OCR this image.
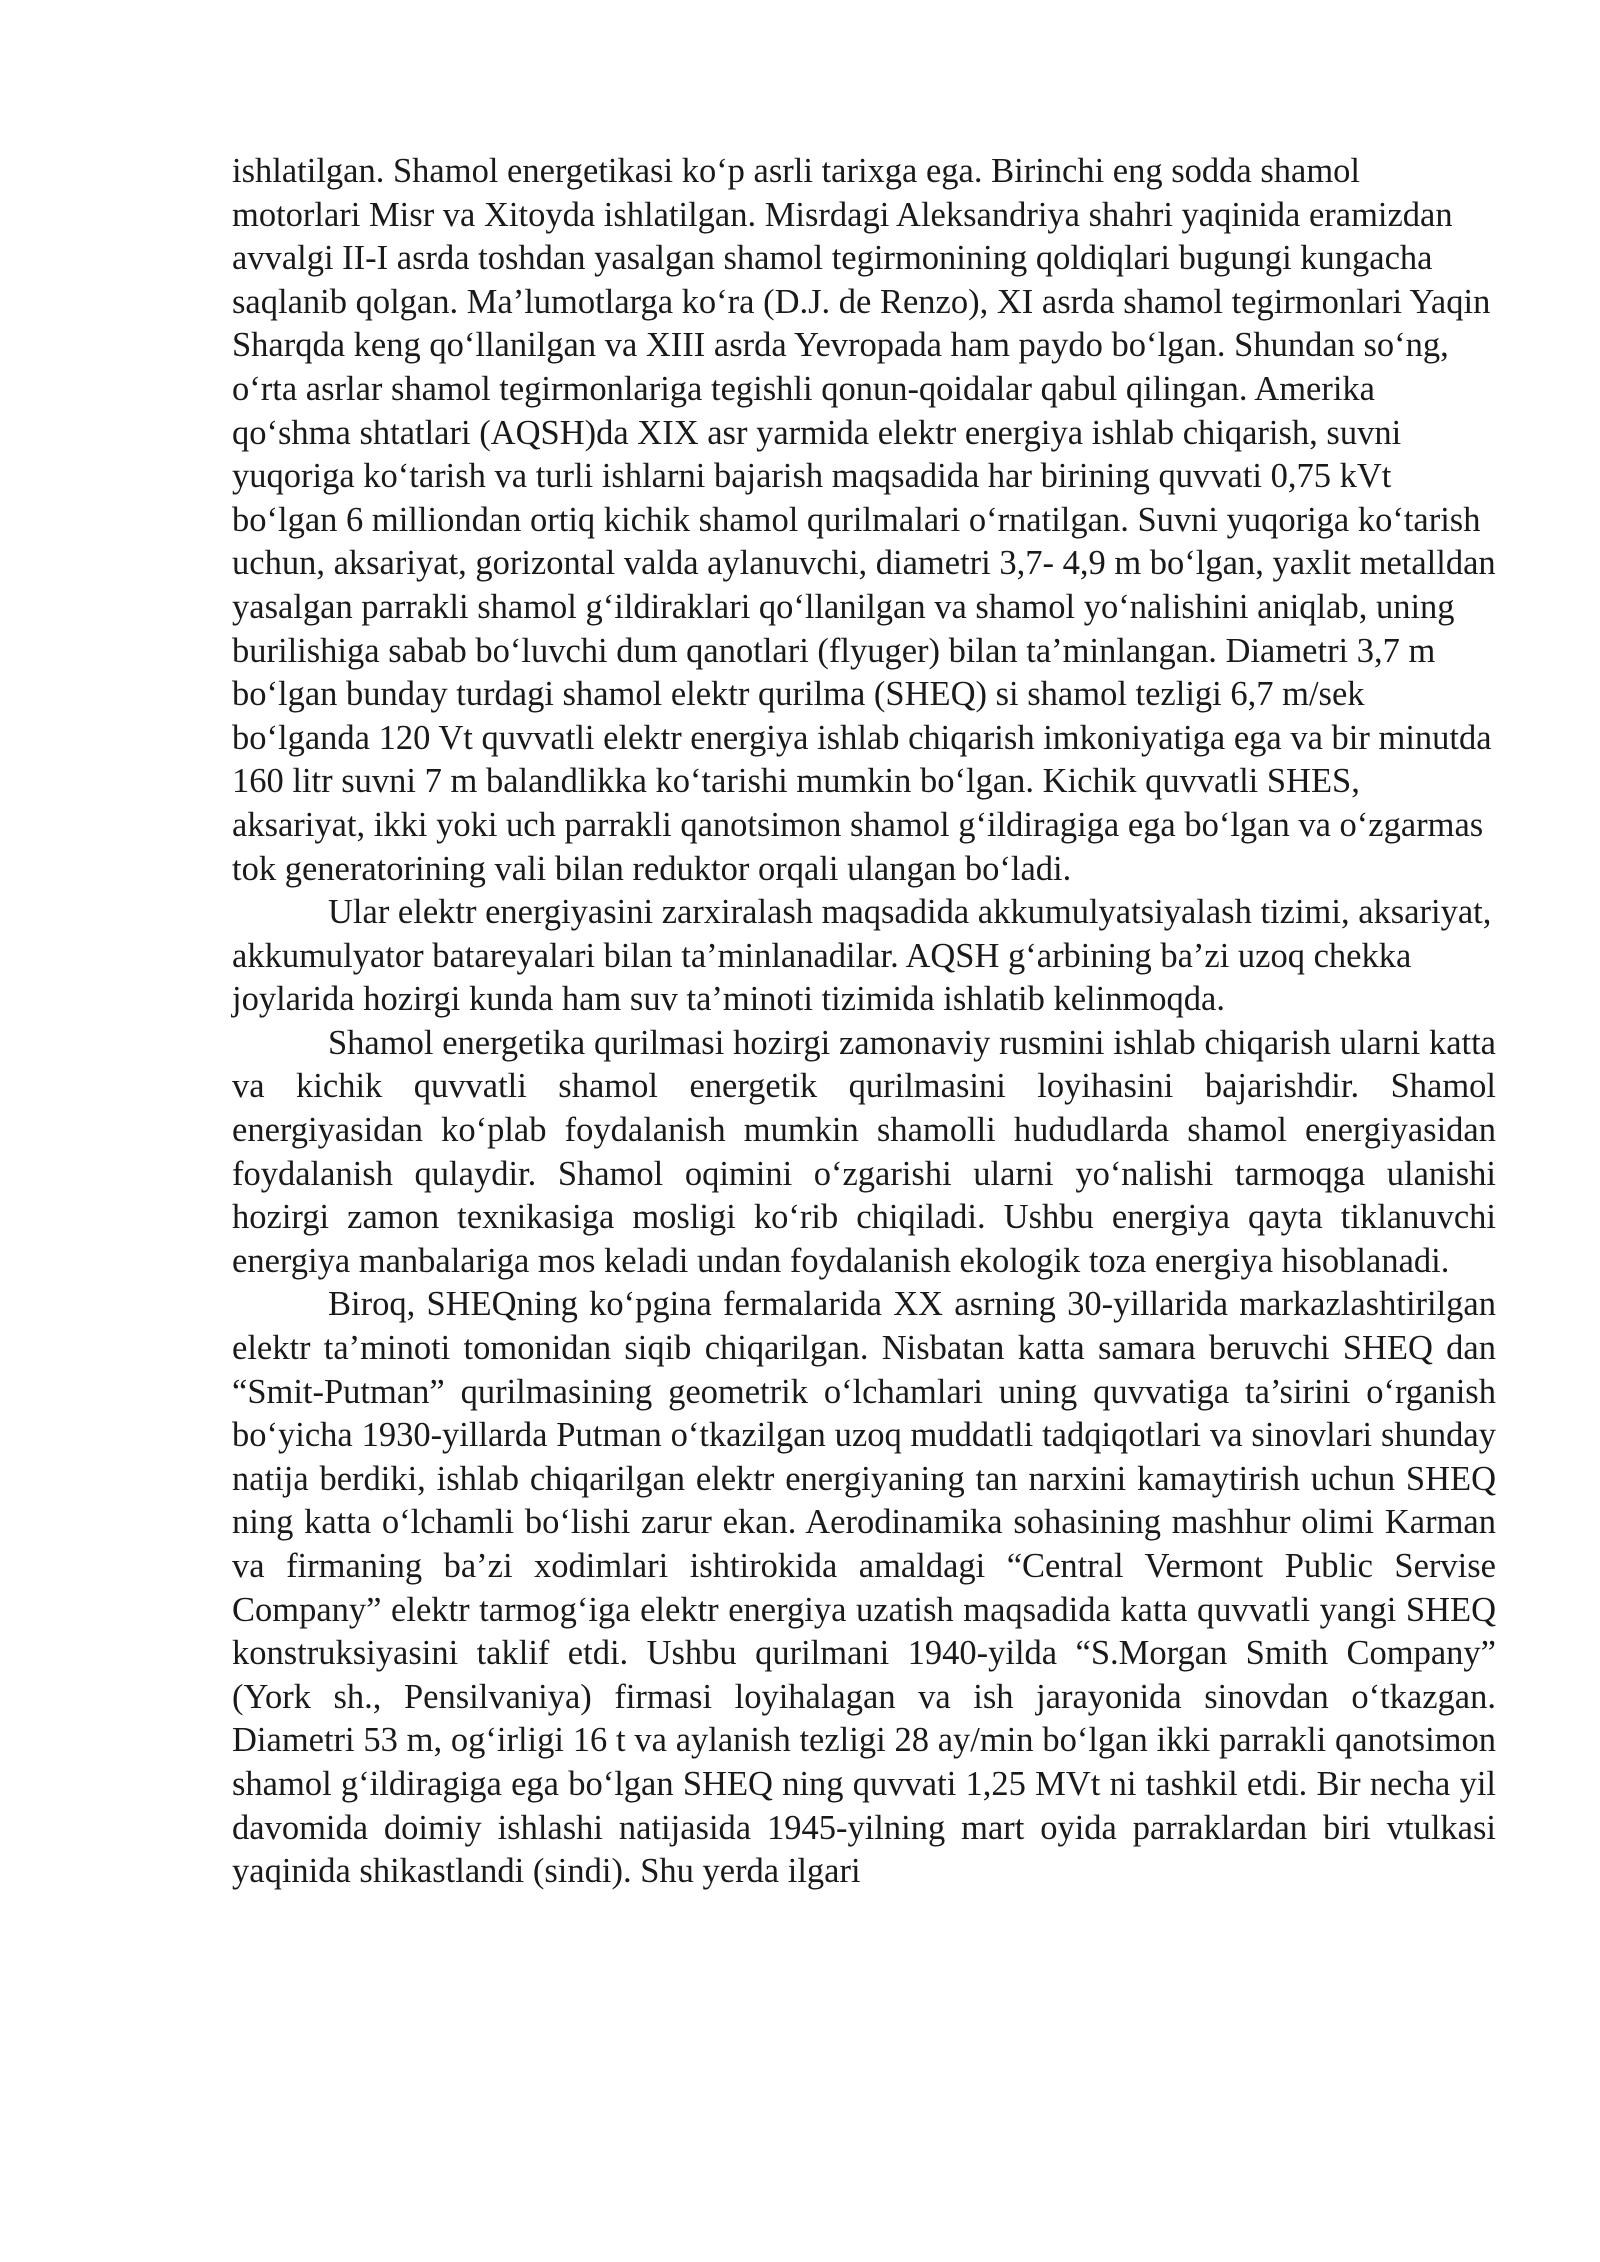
ishlatilgan. Shamol energetikasi ko‘p asrli tarixga ega. Birinchi eng sodda shamol motorlari Misr va Xitoyda ishlatilgan. Misrdagi Aleksandriya shahri yaqinida eramizdan avvalgi II-I asrda toshdan yasalgan shamol tegirmonining qoldiqlari bugungi kungacha saqlanib qolgan. Ma’lumotlarga ko‘ra (D.J. de Renzo), XI asrda shamol tegirmonlari Yaqin Sharqda keng qo‘llanilgan va XIII asrda Yevropada ham paydo bo‘lgan. Shundan so‘ng, o‘rta asrlar shamol tegirmonlariga tegishli qonun-qoidalar qabul qilingan. Amerika qo‘shma shtatlari (AQSH)da XIX asr yarmida elektr energiya ishlab chiqarish, suvni yuqoriga ko‘tarish va turli ishlarni bajarish maqsadida har birining quvvati 0,75 kVt bo‘lgan 6 milliondan ortiq kichik shamol qurilmalari o‘rnatilgan. Suvni yuqoriga ko‘tarish uchun, aksariyat, gorizontal valda aylanuvchi, diametri 3,7- 4,9 m bo‘lgan, yaxlit metalldan yasalgan parrakli shamol g‘ildiraklari qo‘llanilgan va shamol yo‘nalishini aniqlab, uning burilishiga sabab bo‘luvchi dum qanotlari (flyuger) bilan ta’minlangan. Diametri 3,7 m bo‘lgan bunday turdagi shamol elektr qurilma (SHEQ) si shamol tezligi 6,7 m/sek bo‘lganda 120 Vt quvvatli elektr energiya ishlab chiqarish imkoniyatiga ega va bir minutda 160 litr suvni 7 m balandlikka ko‘tarishi mumkin bo‘lgan. Kichik quvvatli SHES, aksariyat, ikki yoki uch parrakli qanotsimon shamol g‘ildiragiga ega bo‘lgan va o‘zgarmas tok generatorining vali bilan reduktor orqali ulangan bo‘ladi.

Ular elektr energiyasini zarxiralash maqsadida akkumulyatsiyalash tizimi, aksariyat, akkumulyator batareyalari bilan ta’minlanadilar. AQSH g‘arbining ba’zi uzoq chekka joylarida hozirgi kunda ham suv ta’minoti tizimida ishlatib kelinmoqda.

Shamol energetika qurilmasi hozirgi zamonaviy rusmini ishlab chiqarish ularni katta va kichik quvvatli shamol energetik qurilmasini loyihasini bajarishdir. Shamol energiyasidan ko‘plab foydalanish mumkin shamolli hududlarda shamol energiyasidan foydalanish qulaydir. Shamol oqimini o‘zgarishi ularni yo‘nalishi tarmoqga ulanishi hozirgi zamon texnikasiga mosligi ko‘rib chiqiladi. Ushbu energiya qayta tiklanuvchi energiya manbalariga mos keladi undan foydalanish ekologik toza energiya hisoblanadi.

Biroq, SHEQning ko‘pgina fermalarida XX asrning 30-yillarida markazlashtirilgan elektr ta’minoti tomonidan siqib chiqarilgan. Nisbatan katta samara beruvchi SHEQ dan “Smit-Putman” qurilmasining geometrik o‘lchamlari uning quvvatiga ta’sirini o‘rganish bo‘yicha 1930-yillarda Putman o‘tkazilgan uzoq muddatli tadqiqotlari va sinovlari shunday natija berdiki, ishlab chiqarilgan elektr energiyaning tan narxini kamaytirish uchun SHEQ ning katta o‘lchamli bo‘lishi zarur ekan. Aerodinamika sohasining mashhur olimi Karman va firmaning ba’zi xodimlari ishtirokida amaldagi “Central Vermont Public Servise Company” elektr tarmog‘iga elektr energiya uzatish maqsadida katta quvvatli yangi SHEQ konstruksiyasini taklif etdi. Ushbu qurilmani 1940-yilda “S.Morgan Smith Company” (York sh., Pensilvaniya) firmasi loyihalagan va ish jarayonida sinovdan o‘tkazgan. Diametri 53 m, og‘irligi 16 t va aylanish tezligi 28 ay/min bo‘lgan ikki parrakli qanotsimon shamol g‘ildiragiga ega bo‘lgan SHEQ ning quvvati 1,25 MVt ni tashkil etdi. Bir necha yil davomida doimiy ishlashi natijasida 1945-yilning mart oyida parraklardan biri vtulkasi yaqinida shikastlandi (sindi). Shu yerda ilgari
